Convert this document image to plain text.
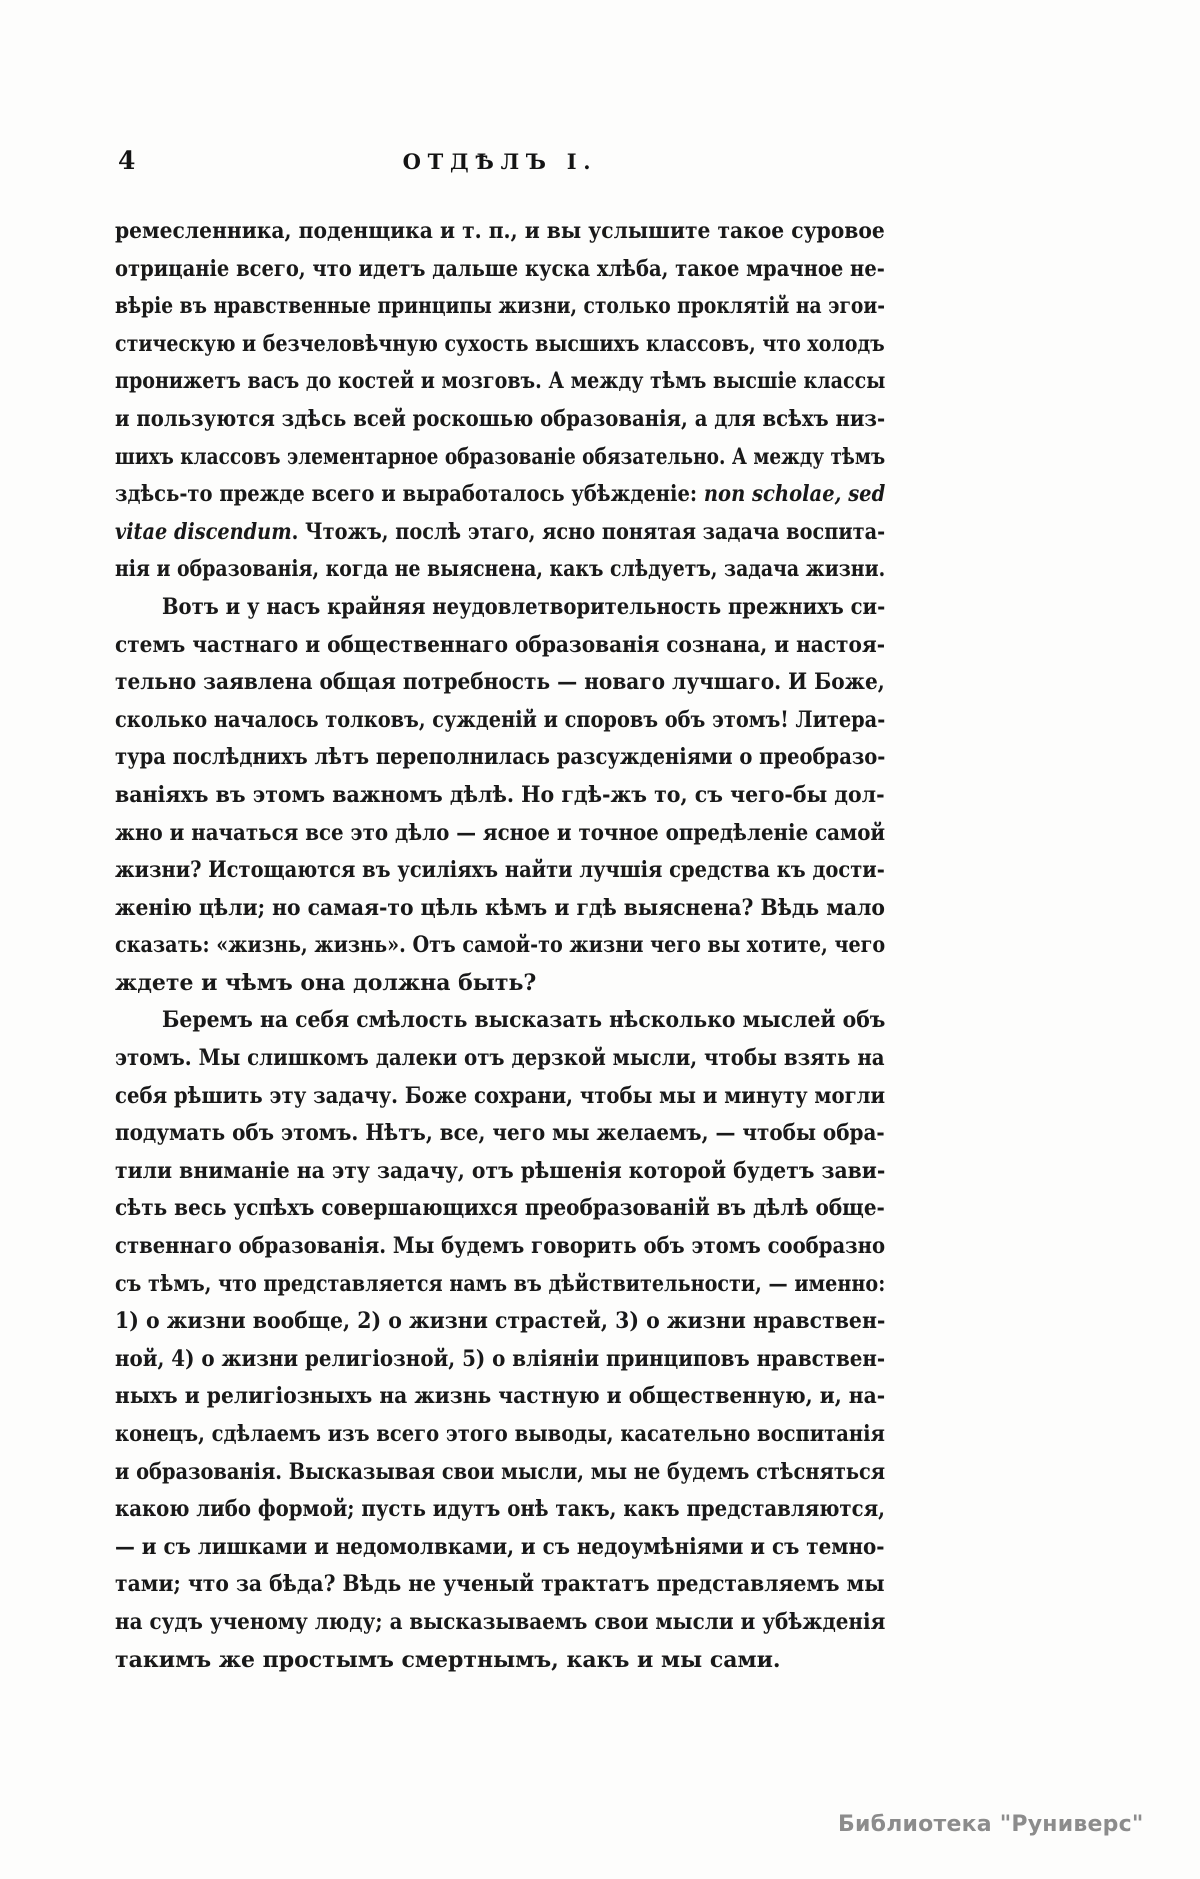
4	ОТДѢЛЪ I.
ремесленника, поденщика и т. п., и вы услышите такое суровое
отрицаніе всего, что идетъ дальше куска хлѣба, такое мрачное не-
вѣріе въ нравственные принципы жизни, столько проклятій на эгои-
стическую и безчеловѣчную сухость высшихъ классовъ, что холодъ
пронижетъ васъ до костей и мозговъ. А между тѣмъ высшіе классы
и пользуются здѣсь всей роскошью образованія, а для всѣхъ низ-
шихъ классовъ элементарное образованіе обязательно. А между тѣмъ
здѣсь-то прежде всего и выработалось убѣжденіе: non scholae, sed
vitae discendum. Чтожъ, послѣ этаго, ясно понятая задача воспита-
нія и образованія, когда не выяснена, какъ слѣдуетъ, задача жизни.
Вотъ и у насъ крайняя неудовлетворительность прежнихъ си-
стемъ частнаго и общественнаго образованія сознана, и настоя-
тельно заявлена общая потребность — новаго лучшаго. И Боже,
сколько началось толковъ, сужденій и споровъ объ этомъ! Литера-
тура послѣднихъ лѣтъ переполнилась разсужденіями о преобразо-
ваніяхъ въ этомъ важномъ дѣлѣ. Но гдѣ-жъ то, съ чего-бы дол-
жно и начаться все это дѣло — ясное и точное опредѣленіе самой
жизни? Истощаются въ усиліяхъ найти лучшія средства къ дости-
женію цѣли; но самая-то цѣль кѣмъ и гдѣ выяснена? Вѣдь мало
сказать: «жизнь, жизнь». Отъ самой-то жизни чего вы хотите, чего
ждете и чѣмъ она должна быть?
Беремъ на себя смѣлость высказать нѣсколько мыслей объ
этомъ. Мы слишкомъ далеки отъ дерзкой мысли, чтобы взять на
себя рѣшить эту задачу. Боже сохрани, чтобы мы и минуту могли
подумать объ этомъ. Нѣтъ, все, чего мы желаемъ, — чтобы обра-
тили вниманіе на эту задачу, отъ рѣшенія которой будетъ зави-
сѣть весь успѣхъ совершающихся преобразованій въ дѣлѣ обще-
ственнаго образованія. Мы будемъ говорить объ этомъ сообразно
съ тѣмъ, что представляется намъ въ дѣйствительности, — именно:
1) о жизни вообще, 2) о жизни страстей, 3) о жизни нравствен-
ной, 4) о жизни религіозной, 5) о вліяніи принциповъ нравствен-
ныхъ и религіозныхъ на жизнь частную и общественную, и, на-
конецъ, сдѣлаемъ изъ всего этого выводы, касательно воспитанія
и образованія. Высказывая свои мысли, мы не будемъ стѣсняться
какою либо формой; пусть идутъ онѣ такъ, какъ представляются,
— и съ лишками и недомолвками, и съ недоумѣніями и съ темно-
тами; что за бѣда? Вѣдь не ученый трактатъ представляемъ мы
на судъ ученому люду; а высказываемъ свои мысли и убѣжденія
такимъ же простымъ смертнымъ, какъ и мы сами.
Библиотека "Руниверс"
